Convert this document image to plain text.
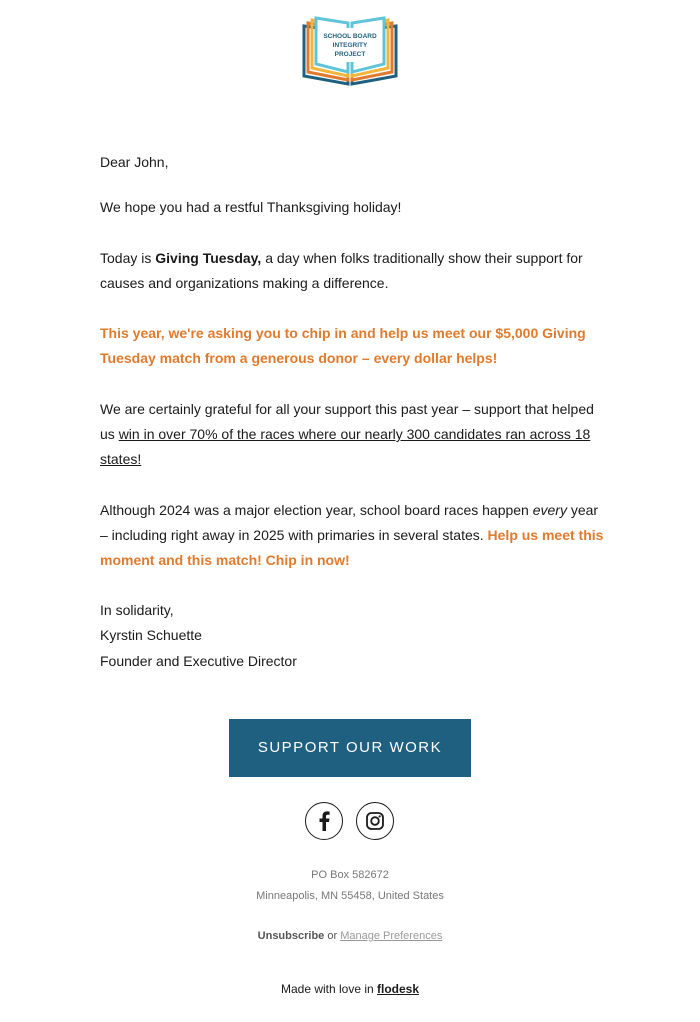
SCHOOL BOARD
INTEGRITY
PROJECT

Dear John,

We hope you had a restful Thanksgiving holiday!

Today is Giving Tuesday, a day when folks traditionally show their support for causes and organizations making a difference.

This year, we're asking you to chip in and help us meet our $5,000 Giving Tuesday match from a generous donor – every dollar helps!

We are certainly grateful for all your support this past year – support that helped us win in over 70% of the races where our nearly 300 candidates ran across 18 states!

Although 2024 was a major election year, school board races happen every year – including right away in 2025 with primaries in several states. Help us meet this moment and this match! Chip in now!

In solidarity,

Kyrstin Schuette

Founder and Executive Director

SUPPORT OUR WORK
PO Box 582672
Minneapolis, MN 55458, United States
Unsubscribe or Manage Preferences
Made with love in flodesk
